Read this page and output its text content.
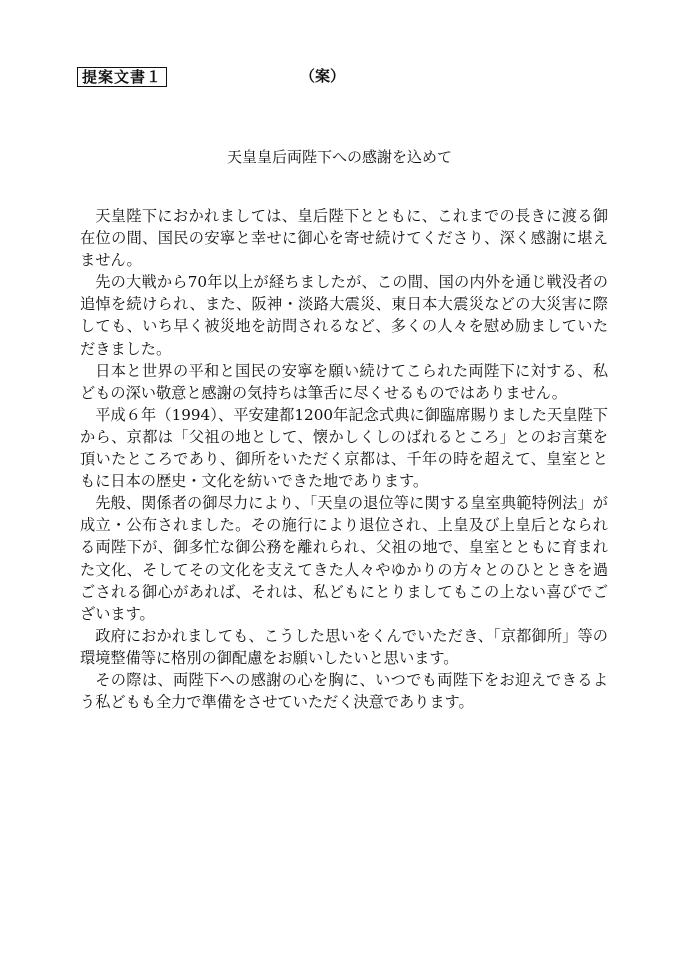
提案文書１	（案）
天皇皇后両陛下への感謝を込めて

天皇陛下におかれましては、皇后陛下とともに、これまでの長きに渡る御在位の間、国民の安寧と幸せに御心を寄せ続けてくださり、深く感謝に堪えません。

先の大戦から70年以上が経ちましたが、この間、国の内外を通じ戦没者の追悼を続けられ、また、阪神・淡路大震災、東日本大震災などの大災害に際しても、いち早く被災地を訪問されるなど、多くの人々を慰め励ましていただきました。

日本と世界の平和と国民の安寧を願い続けてこられた両陛下に対する、私どもの深い敬意と感謝の気持ちは筆舌に尽くせるものではありません。

平成６年（1994）、平安建都1200年記念式典に御臨席賜りました天皇陛下から、京都は「父祖の地として、懐かしくしのばれるところ」とのお言葉を頂いたところであり、御所をいただく京都は、千年の時を超えて、皇室とともに日本の歴史・文化を紡いできた地であります。

先般、関係者の御尽力により、「天皇の退位等に関する皇室典範特例法」が成立・公布されました。その施行により退位され、上皇及び上皇后となられる両陛下が、御多忙な御公務を離れられ、父祖の地で、皇室とともに育まれた文化、そしてその文化を支えてきた人々やゆかりの方々とのひとときを過ごされる御心があれば、それは、私どもにとりましてもこの上ない喜びでございます。

政府におかれましても、こうした思いをくんでいただき、「京都御所」等の環境整備等に格別の御配慮をお願いしたいと思います。

その際は、両陛下への感謝の心を胸に、いつでも両陛下をお迎えできるよう私どもも全力で準備をさせていただく決意であります。
